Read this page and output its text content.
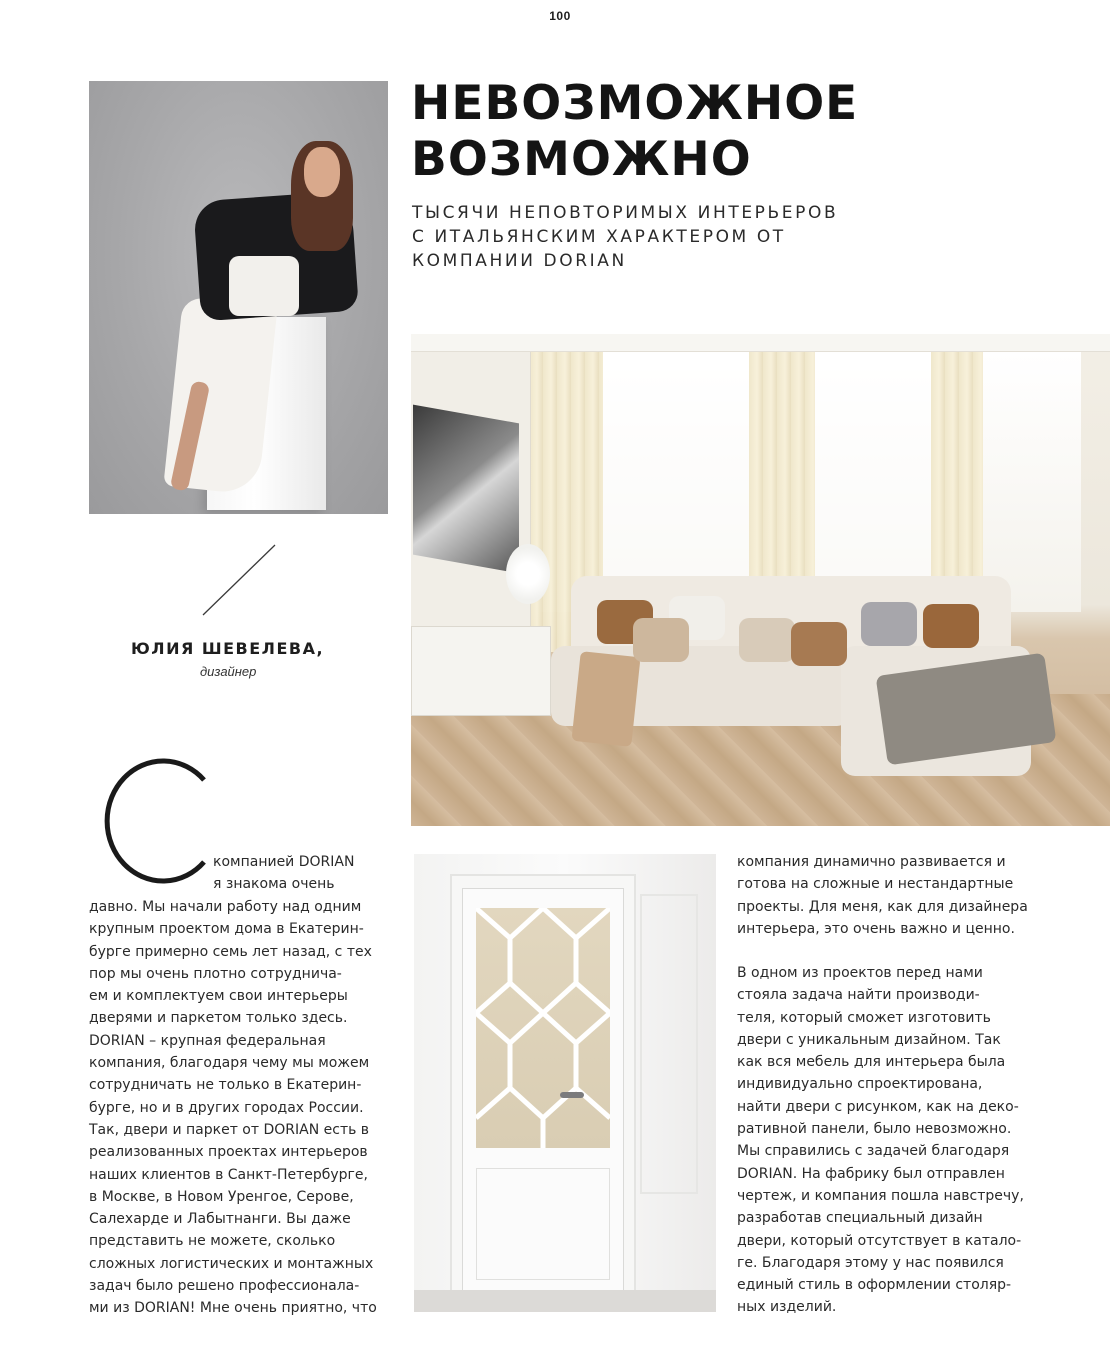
100
НЕВОЗМОЖНОЕ
ВОЗМОЖНО
ТЫСЯЧИ НЕПОВТОРИМЫХ ИНТЕРЬЕРОВ
С ИТАЛЬЯНСКИМ ХАРАКТЕРОМ ОТ
КОМПАНИИ DORIAN
ЮЛИЯ ШЕВЕЛЕВА,
дизайнер
компанией DORIAN
я знакома очень
давно. Мы начали работу над одним
крупным проектом дома в Екатерин-
бурге примерно семь лет назад, с тех
пор мы очень плотно сотруднича-
ем и комплектуем свои интерьеры
дверями и паркетом только здесь.
DORIAN – крупная федеральная
компания, благодаря чему мы можем
сотрудничать не только в Екатерин-
бурге, но и в других городах России.
Так, двери и паркет от DORIAN есть в
реализованных проектах интерьеров
наших клиентов в Санкт-Петербурге,
в Москве, в Новом Уренгое, Серове,
Салехарде и Лабытнанги. Вы даже
представить не можете, сколько
сложных логистических и монтажных
задач было решено профессионала-
ми из DORIAN! Мне очень приятно, что
компания динамично развивается и
готова на сложные и нестандартные
проекты. Для меня, как для дизайнера
интерьера, это очень важно и ценно.
В одном из проектов перед нами
стояла задача найти производи-
теля, который сможет изготовить
двери с уникальным дизайном. Так
как вся мебель для интерьера была
индивидуально спроектирована,
найти двери с рисунком, как на деко-
ративной панели, было невозможно.
Мы справились с задачей благодаря
DORIAN. На фабрику был отправлен
чертеж, и компания пошла навстречу,
разработав специальный дизайн
двери, который отсутствует в катало-
ге. Благодаря этому у нас появился
единый стиль в оформлении столяр-
ных изделий.
